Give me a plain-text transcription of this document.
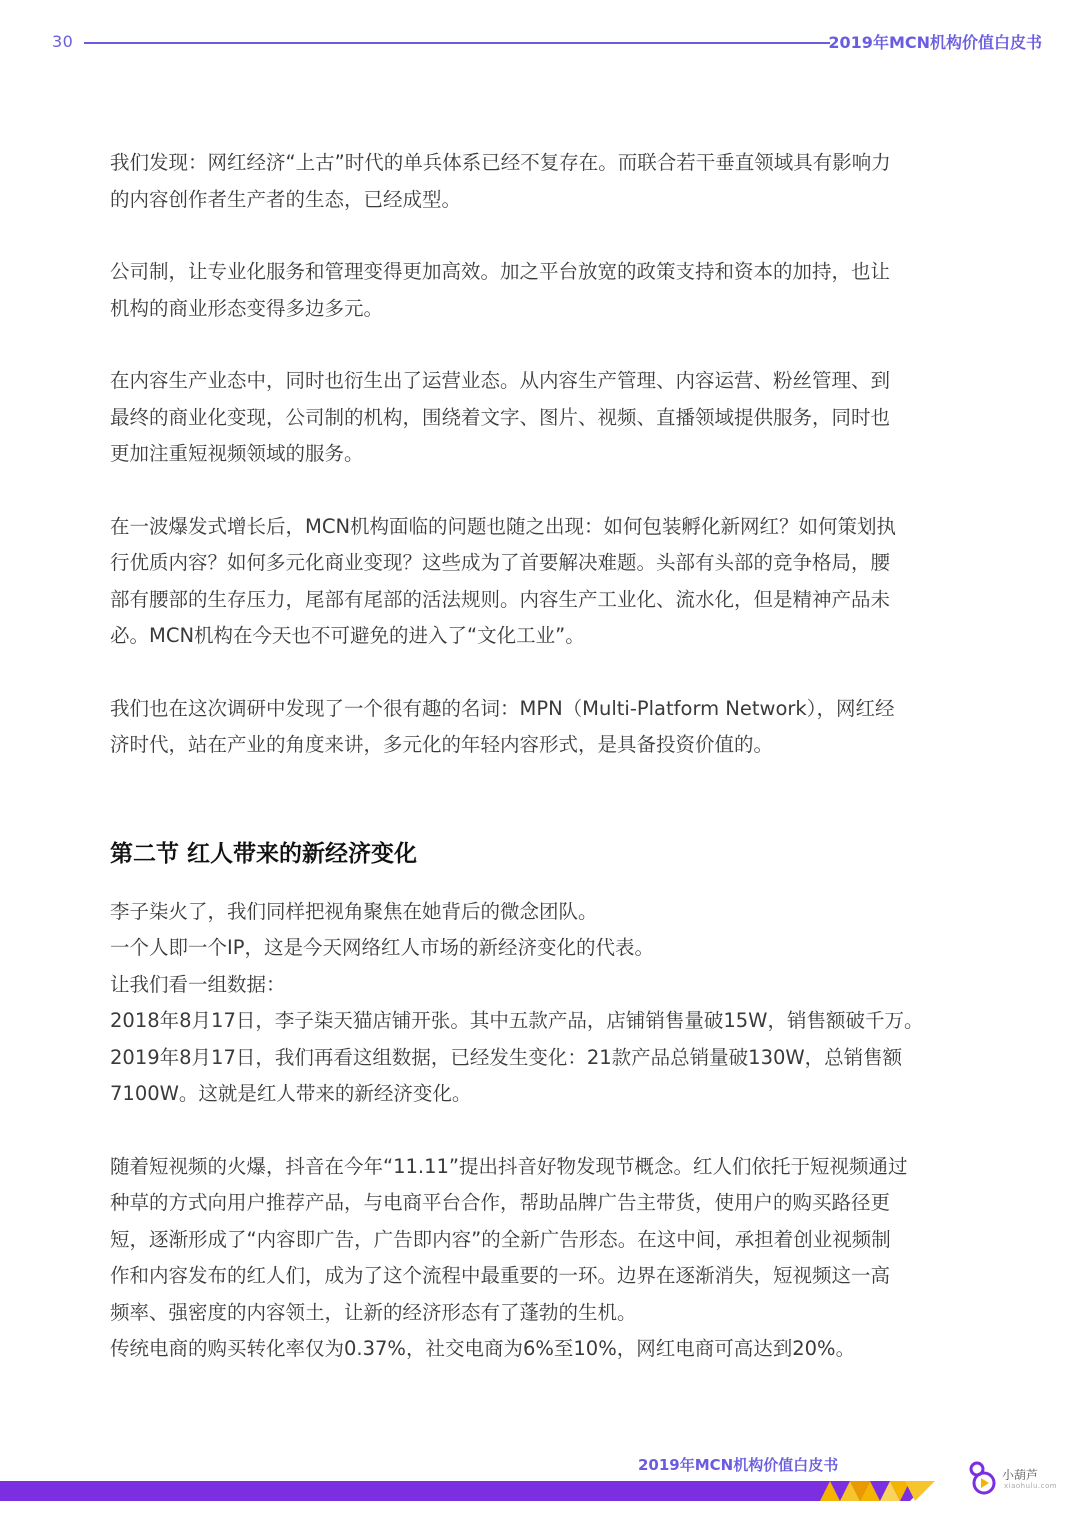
30	2019年MCN机构价值白皮书

我们发现：网红经济“上古”时代的单兵体系已经不复存在。而联合若干垂直领域具有影响力
的内容创作者生产者的生态，已经成型。

公司制，让专业化服务和管理变得更加高效。加之平台放宽的政策支持和资本的加持，也让
机构的商业形态变得多边多元。

在内容生产业态中，同时也衍生出了运营业态。从内容生产管理、内容运营、粉丝管理、到
最终的商业化变现，公司制的机构，围绕着文字、图片、视频、直播领域提供服务，同时也
更加注重短视频领域的服务。

在一波爆发式增长后，MCN机构面临的问题也随之出现：如何包装孵化新网红？如何策划执
行优质内容？如何多元化商业变现？这些成为了首要解决难题。头部有头部的竞争格局，腰
部有腰部的生存压力，尾部有尾部的活法规则。内容生产工业化、流水化，但是精神产品未
必。MCN机构在今天也不可避免的进入了“文化工业”。

我们也在这次调研中发现了一个很有趣的名词：MPN（Multi-Platform Network），网红经
济时代，站在产业的角度来讲，多元化的年轻内容形式，是具备投资价值的。

第二节 红人带来的新经济变化

李子柒火了，我们同样把视角聚焦在她背后的微念团队。
一个人即一个IP，这是今天网络红人市场的新经济变化的代表。
让我们看一组数据：
2018年8月17日，李子柒天猫店铺开张。其中五款产品，店铺销售量破15W，销售额破千万。
2019年8月17日，我们再看这组数据，已经发生变化：21款产品总销量破130W，总销售额
7100W。这就是红人带来的新经济变化。

随着短视频的火爆，抖音在今年“11.11”提出抖音好物发现节概念。红人们依托于短视频通过
种草的方式向用户推荐产品，与电商平台合作，帮助品牌广告主带货，使用户的购买路径更
短，逐渐形成了“内容即广告，广告即内容”的全新广告形态。在这中间，承担着创业视频制
作和内容发布的红人们，成为了这个流程中最重要的一环。边界在逐渐消失，短视频这一高
频率、强密度的内容领土，让新的经济形态有了蓬勃的生机。
传统电商的购买转化率仅为0.37%，社交电商为6%至10%，网红电商可高达到20%。

2019年MCN机构价值白皮书
小葫芦
xiaohulu.com
